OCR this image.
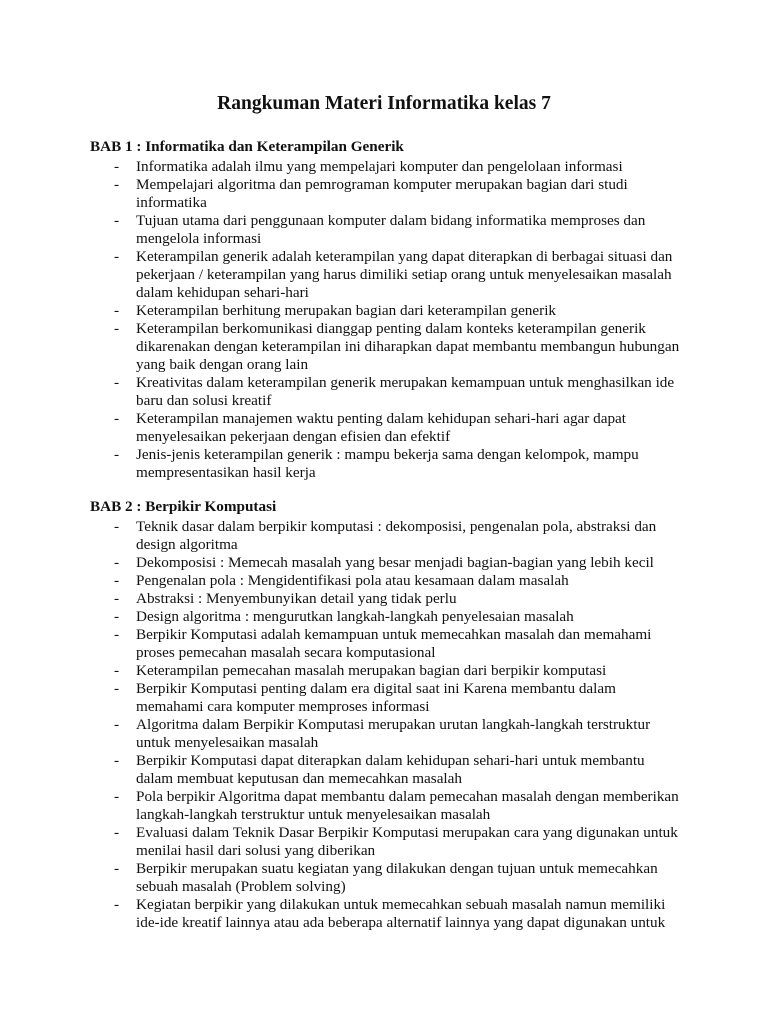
Rangkuman Materi Informatika kelas 7
BAB 1 : Informatika dan Keterampilan Generik
- Informatika adalah ilmu yang mempelajari komputer dan pengelolaan informasi
- Mempelajari algoritma dan pemrograman komputer merupakan bagian dari studi informatika
- Tujuan utama dari penggunaan komputer dalam bidang informatika memproses dan mengelola informasi
- Keterampilan generik adalah keterampilan yang dapat diterapkan di berbagai situasi dan pekerjaan / keterampilan yang harus dimiliki setiap orang untuk menyelesaikan masalah dalam kehidupan sehari-hari
- Keterampilan berhitung merupakan bagian dari keterampilan generik
- Keterampilan berkomunikasi dianggap penting dalam konteks keterampilan generik dikarenakan dengan keterampilan ini diharapkan dapat membantu membangun hubungan yang baik dengan orang lain
- Kreativitas dalam keterampilan generik merupakan kemampuan untuk menghasilkan ide baru dan solusi kreatif
- Keterampilan manajemen waktu penting dalam kehidupan sehari-hari agar dapat menyelesaikan pekerjaan dengan efisien dan efektif
- Jenis-jenis keterampilan generik : mampu bekerja sama dengan kelompok, mampu mempresentasikan hasil kerja
BAB 2 : Berpikir Komputasi
- Teknik dasar dalam berpikir komputasi : dekomposisi, pengenalan pola, abstraksi dan design algoritma
- Dekomposisi : Memecah masalah yang besar menjadi bagian-bagian yang lebih kecil
- Pengenalan pola : Mengidentifikasi pola atau kesamaan dalam masalah
- Abstraksi : Menyembunyikan detail yang tidak perlu
- Design algoritma : mengurutkan langkah-langkah penyelesaian masalah
- Berpikir Komputasi adalah kemampuan untuk memecahkan masalah dan memahami proses pemecahan masalah secara komputasional
- Keterampilan pemecahan masalah merupakan bagian dari berpikir komputasi
- Berpikir Komputasi penting dalam era digital saat ini Karena membantu dalam memahami cara komputer memproses informasi
- Algoritma dalam Berpikir Komputasi merupakan urutan langkah-langkah terstruktur untuk menyelesaikan masalah
- Berpikir Komputasi dapat diterapkan dalam kehidupan sehari-hari untuk membantu dalam membuat keputusan dan memecahkan masalah
- Pola berpikir Algoritma dapat membantu dalam pemecahan masalah dengan memberikan langkah-langkah terstruktur untuk menyelesaikan masalah
- Evaluasi dalam Teknik Dasar Berpikir Komputasi merupakan cara yang digunakan untuk menilai hasil dari solusi yang diberikan
- Berpikir merupakan suatu kegiatan yang dilakukan dengan tujuan untuk memecahkan sebuah masalah (Problem solving)
- Kegiatan berpikir yang dilakukan untuk memecahkan sebuah masalah namun memiliki ide-ide kreatif lainnya atau ada beberapa alternatif lainnya yang dapat digunakan untuk
